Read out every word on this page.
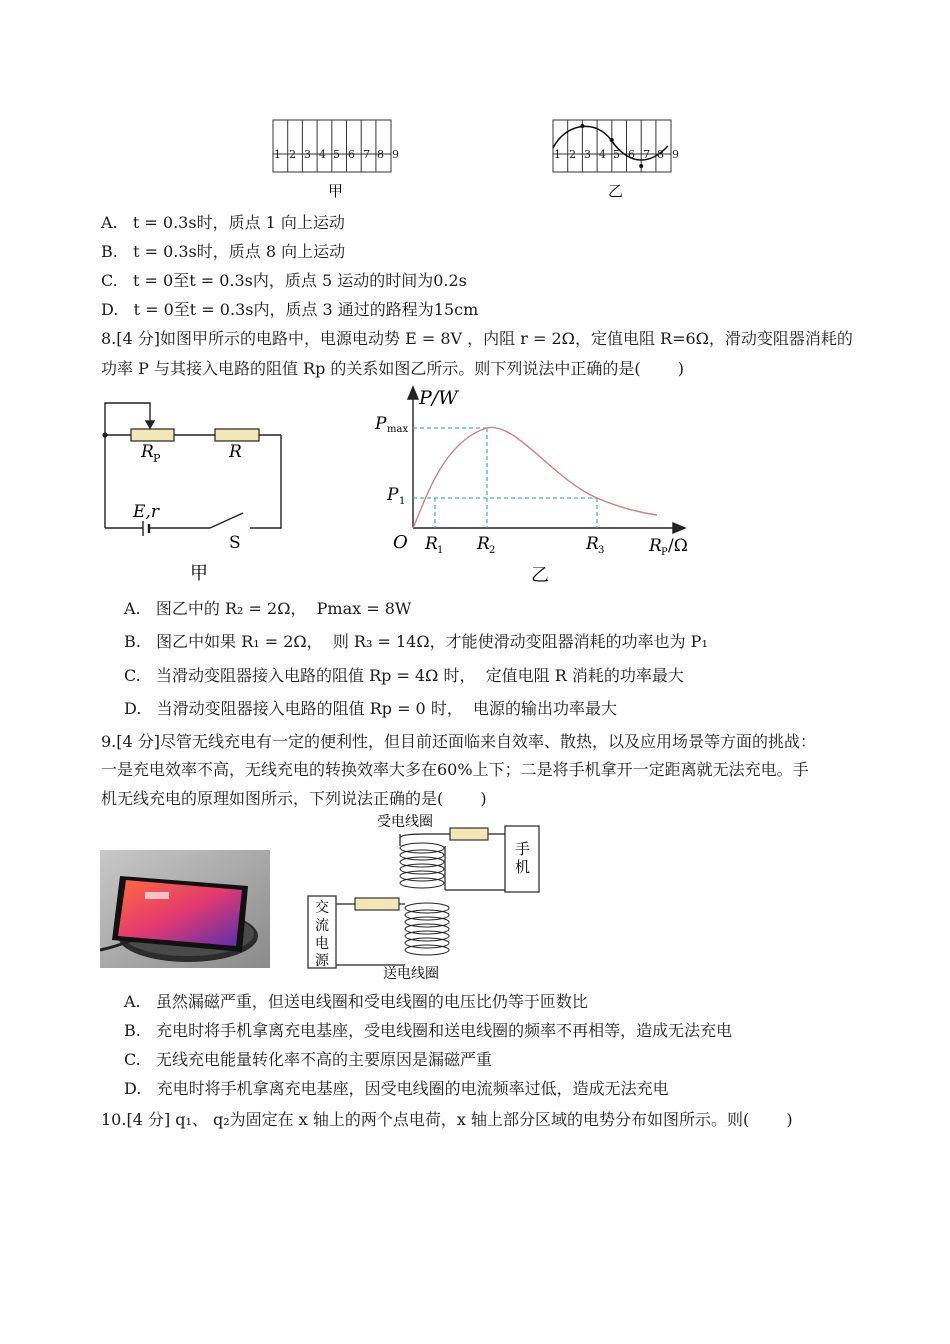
1 2 3 4 5 6 7 8 9
甲
1 2 3 4 5 6 7 8 9
乙
A.   t = 0.3s时，质点 1 向上运动
B.   t = 0.3s时，质点 8 向上运动
C.   t = 0至t = 0.3s内，质点 5 运动的时间为0.2s
D.   t = 0至t = 0.3s内，质点 3 通过的路程为15cm
8.[4 分]如图甲所示的电路中，电源电动势 E = 8V ，内阻 r = 2Ω，定值电阻 R=6Ω，滑动变阻器消耗的
功率 P 与其接入电路的阻值 Rp 的关系如图乙所示。则下列说法中正确的是(　　 )
R P	R
E,r
S
甲
P/W
P max
P 1
O R 1 R 2	R 3	R P /Ω
乙
A.   图乙中的 R₂ = 2Ω，  Pmax = 8W
B.   图乙中如果 R₁ = 2Ω，  则 R₃ = 14Ω，才能使滑动变阻器消耗的功率也为 P₁
C.   当滑动变阻器接入电路的阻值 Rp = 4Ω 时，  定值电阻 R 消耗的功率最大
D.   当滑动变阻器接入电路的阻值 Rp = 0 时，  电源的输出功率最大
9.[4 分]尽管无线充电有一定的便利性，但目前还面临来自效率、散热，以及应用场景等方面的挑战：
一是充电效率不高，无线充电的转换效率大多在60%上下；二是将手机拿开一定距离就无法充电。手
机无线充电的原理如图所示，下列说法正确的是(　　 )
受电线圈
手
机
交
流
电
源
送电线圈
A.   虽然漏磁严重，但送电线圈和受电线圈的电压比仍等于匝数比
B.   充电时将手机拿离充电基座，受电线圈和送电线圈的频率不再相等，造成无法充电
C.   无线充电能量转化率不高的主要原因是漏磁严重
D.   充电时将手机拿离充电基座，因受电线圈的电流频率过低，造成无法充电
10.[4 分] q₁、 q₂为固定在 x 轴上的两个点电荷，x 轴上部分区域的电势分布如图所示。则(　　 )
